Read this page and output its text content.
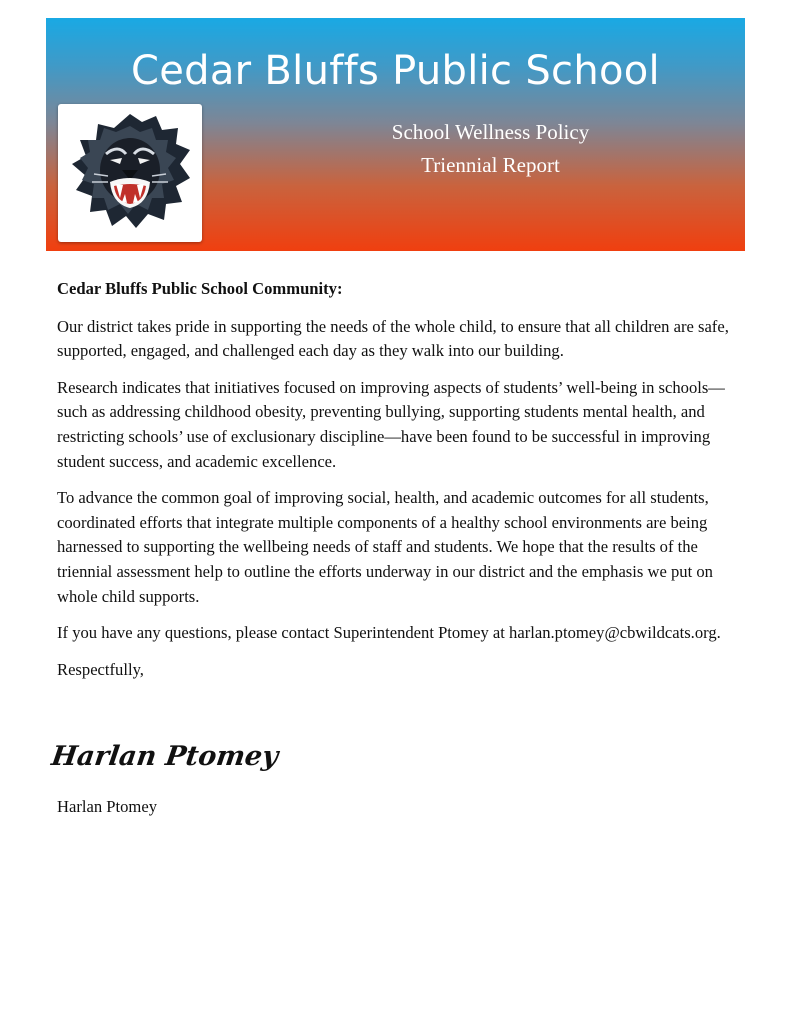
Cedar Bluffs Public School
School Wellness Policy
Triennial Report

Cedar Bluffs Public School Community:

Our district takes pride in supporting the needs of the whole child, to ensure that all children are safe, supported, engaged, and challenged each day as they walk into our building.

Research indicates that initiatives focused on improving aspects of students’ well-being in schools—such as addressing childhood obesity, preventing bullying, supporting students mental health, and restricting schools’ use of exclusionary discipline—have been found to be successful in improving student success, and academic excellence.

To advance the common goal of improving social, health, and academic outcomes for all students, coordinated efforts that integrate multiple components of a healthy school environments are being harnessed to supporting the wellbeing needs of staff and students. We hope that the results of the triennial assessment help to outline the efforts underway in our district and the emphasis we put on whole child supports.

If you have any questions, please contact Superintendent Ptomey at harlan.ptomey@cbwildcats.org.

Respectfully,

Harlan Ptomey
Harlan Ptomey
